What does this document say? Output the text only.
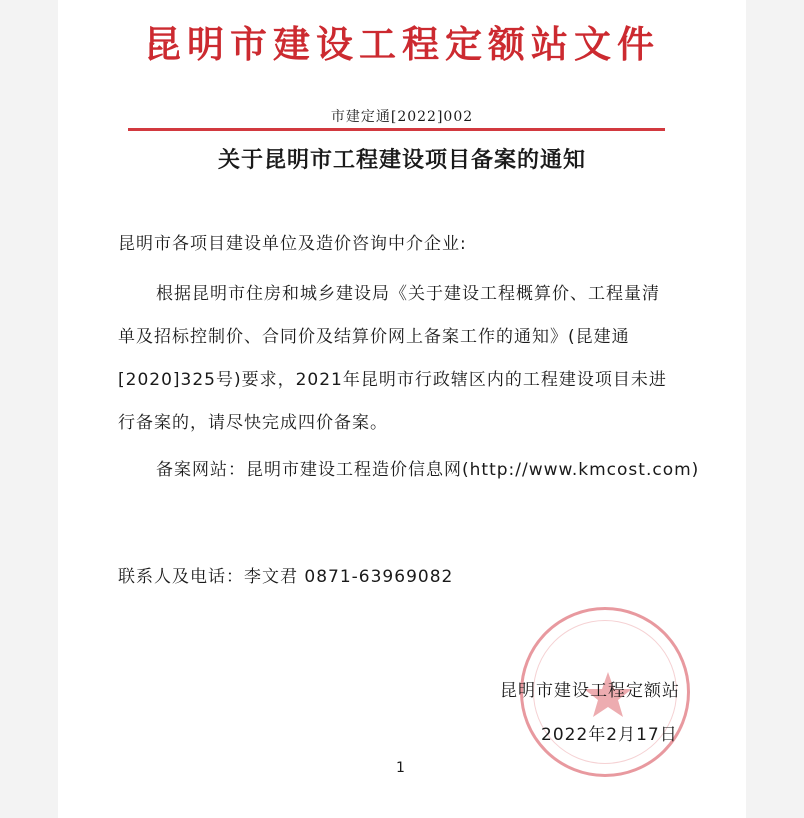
昆明市建设工程定额站文件
市建定通[2022]002
关于昆明市工程建设项目备案的通知
昆明市各项目建设单位及造价咨询中介企业:
根据昆明市住房和城乡建设局《关于建设工程概算价、工程量清
单及招标控制价、合同价及结算价网上备案工作的通知》(昆建通
[2020]325号)要求，2021年昆明市行政辖区内的工程建设项目未进
行备案的，请尽快完成四价备案。
备案网站：昆明市建设工程造价信息网(http://www.kmcost.com)
联系人及电话：李文君 0871-63969082
昆明市建设工程定额站
2022年2月17日
1
